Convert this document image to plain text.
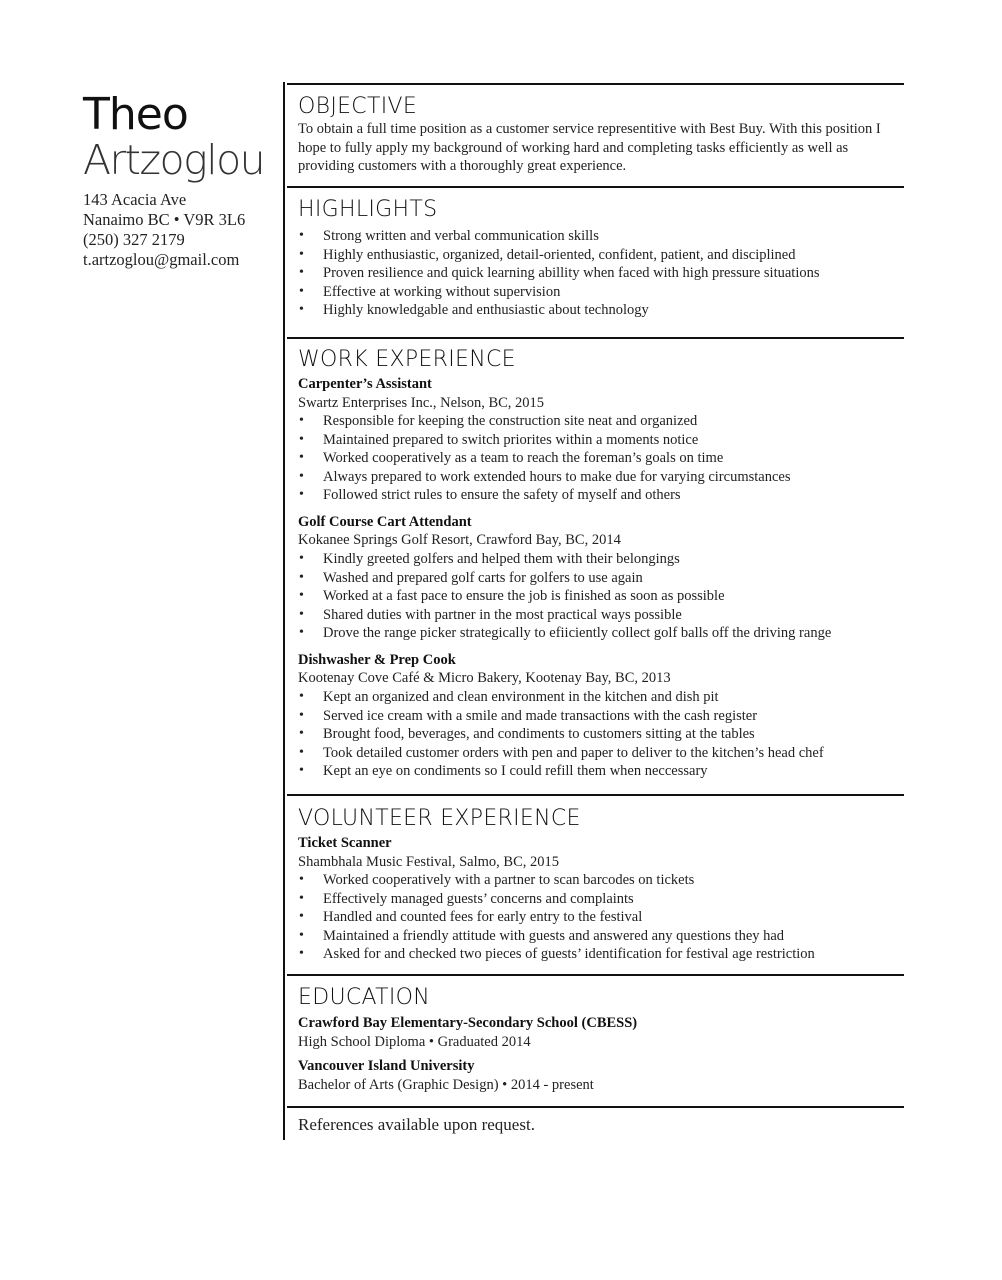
Theo
Artzoglou
143 Acacia Ave
Nanaimo BC • V9R 3L6
(250) 327 2179
t.artzoglou@gmail.com
OBJECTIVE
To obtain a full time position as a customer service representitive with Best Buy. With this position I hope to fully apply my background of working hard and completing tasks efficiently as well as providing customers with a thoroughly great experience.
HIGHLIGHTS
• Strong written and verbal communication skills
• Highly enthusiastic, organized, detail-oriented, confident, patient, and disciplined
• Proven resilience and quick learning abillity when faced with high pressure situations
• Effective at working without supervision
• Highly knowledgable and enthusiastic about technology
WORK EXPERIENCE
Carpenter’s Assistant
Swartz Enterprises Inc., Nelson, BC, 2015
• Responsible for keeping the construction site neat and organized
• Maintained prepared to switch priorites within a moments notice
• Worked cooperatively as a team to reach the foreman’s goals on time
• Always prepared to work extended hours to make due for varying circumstances
• Followed strict rules to ensure the safety of myself and others
Golf Course Cart Attendant
Kokanee Springs Golf Resort, Crawford Bay, BC, 2014
• Kindly greeted golfers and helped them with their belongings
• Washed and prepared golf carts for golfers to use again
• Worked at a fast pace to ensure the job is finished as soon as possible
• Shared duties with partner in the most practical ways possible
• Drove the range picker strategically to efiiciently collect golf balls off the driving range
Dishwasher & Prep Cook
Kootenay Cove Café & Micro Bakery, Kootenay Bay, BC, 2013
• Kept an organized and clean environment in the kitchen and dish pit
• Served ice cream with a smile and made transactions with the cash register
• Brought food, beverages, and condiments to customers sitting at the tables
• Took detailed customer orders with pen and paper to deliver to the kitchen’s head chef
• Kept an eye on condiments so I could refill them when neccessary
VOLUNTEER EXPERIENCE
Ticket Scanner
Shambhala Music Festival, Salmo, BC, 2015
• Worked cooperatively with a partner to scan barcodes on tickets
• Effectively managed guests’ concerns and complaints
• Handled and counted fees for early entry to the festival
• Maintained a friendly attitude with guests and answered any questions they had
• Asked for and checked two pieces of guests’ identification for festival age restriction
EDUCATION
Crawford Bay Elementary-Secondary School (CBESS)
High School Diploma • Graduated 2014
Vancouver Island University
Bachelor of Arts (Graphic Design) • 2014 - present
References available upon request.
